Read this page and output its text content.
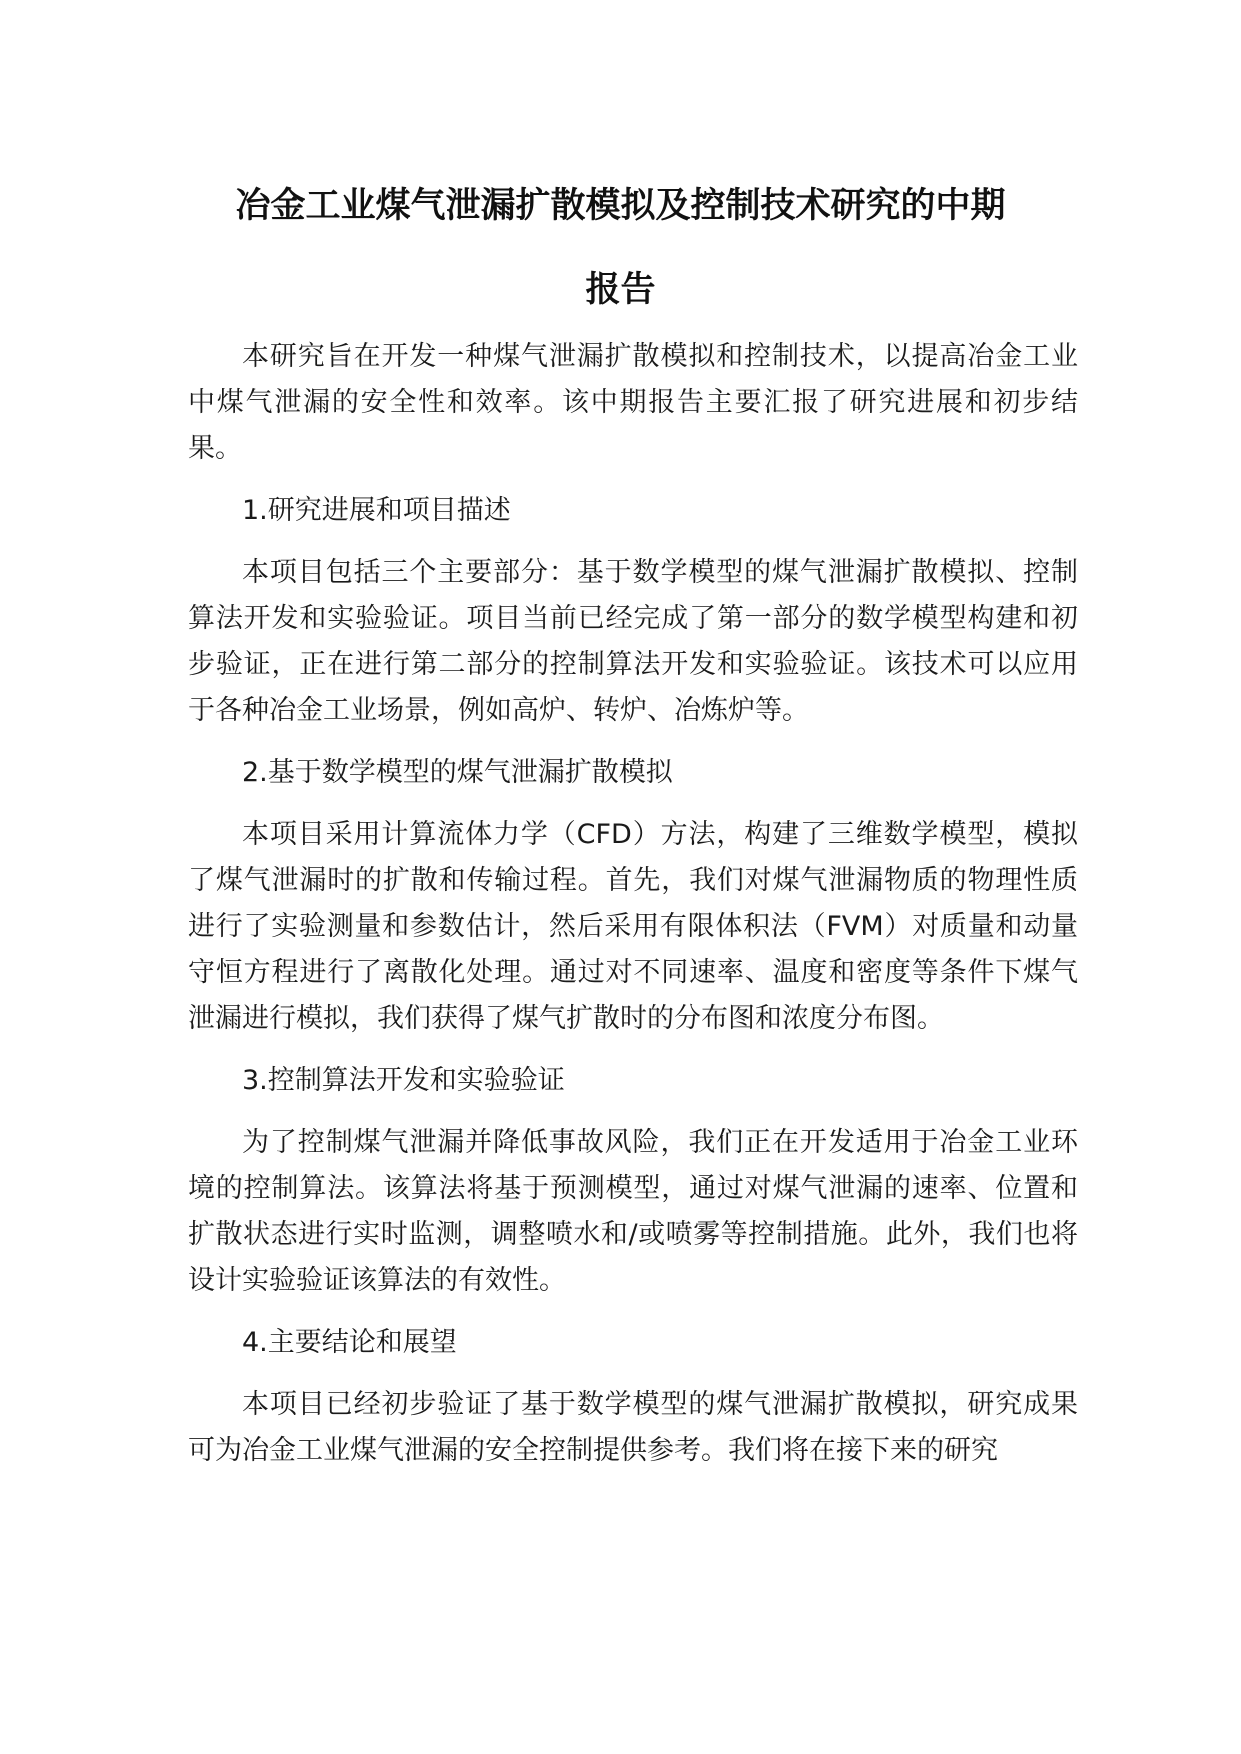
冶金工业煤气泄漏扩散模拟及控制技术研究的中期
报告

本研究旨在开发一种煤气泄漏扩散模拟和控制技术，以提高冶金工业中煤气泄漏的安全性和效率。该中期报告主要汇报了研究进展和初步结果。

1.研究进展和项目描述

本项目包括三个主要部分：基于数学模型的煤气泄漏扩散模拟、控制算法开发和实验验证。项目当前已经完成了第一部分的数学模型构建和初步验证，正在进行第二部分的控制算法开发和实验验证。该技术可以应用于各种冶金工业场景，例如高炉、转炉、冶炼炉等。

2.基于数学模型的煤气泄漏扩散模拟

本项目采用计算流体力学（CFD）方法，构建了三维数学模型，模拟了煤气泄漏时的扩散和传输过程。首先，我们对煤气泄漏物质的物理性质进行了实验测量和参数估计，然后采用有限体积法（FVM）对质量和动量守恒方程进行了离散化处理。通过对不同速率、温度和密度等条件下煤气泄漏进行模拟，我们获得了煤气扩散时的分布图和浓度分布图。

3.控制算法开发和实验验证

为了控制煤气泄漏并降低事故风险，我们正在开发适用于冶金工业环境的控制算法。该算法将基于预测模型，通过对煤气泄漏的速率、位置和扩散状态进行实时监测，调整喷水和/或喷雾等控制措施。此外，我们也将设计实验验证该算法的有效性。

4.主要结论和展望

本项目已经初步验证了基于数学模型的煤气泄漏扩散模拟，研究成果可为冶金工业煤气泄漏的安全控制提供参考。我们将在接下来的研究
